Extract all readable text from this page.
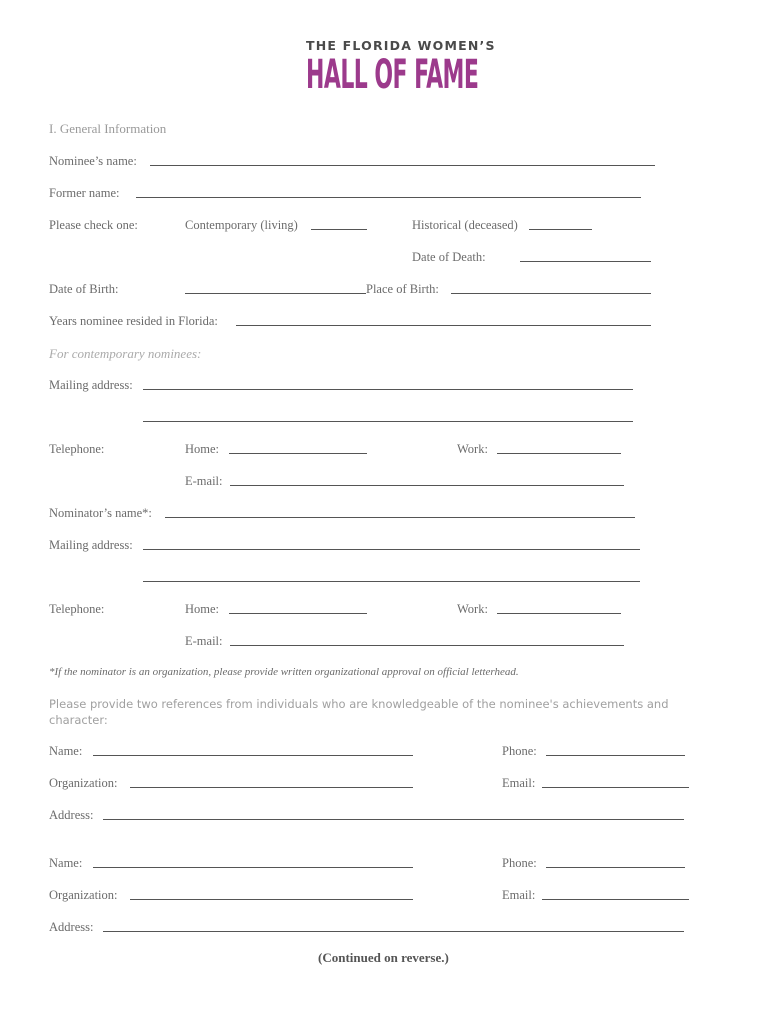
THE FLORIDA WOMEN’S
HALL OF FAME
I. General Information
Nominee’s name:
Former name:
Please check one:	Contemporary (living)	Historical (deceased)
Date of Death:
Date of Birth:	Place of Birth:
Years nominee resided in Florida:
For contemporary nominees:
Mailing address:
Telephone:	Home:	Work:
E-mail:
Nominator’s name*:
Mailing address:
Telephone:	Home:	Work:
E-mail:
*If the nominator is an organization, please provide written organizational approval on official letterhead.
Please provide two references from individuals who are knowledgeable of the nominee's achievements and character:
Name:	Phone:
Organization:	Email:
Address:
Name:	Phone:
Organization:	Email:
Address:
(Continued on reverse.)
